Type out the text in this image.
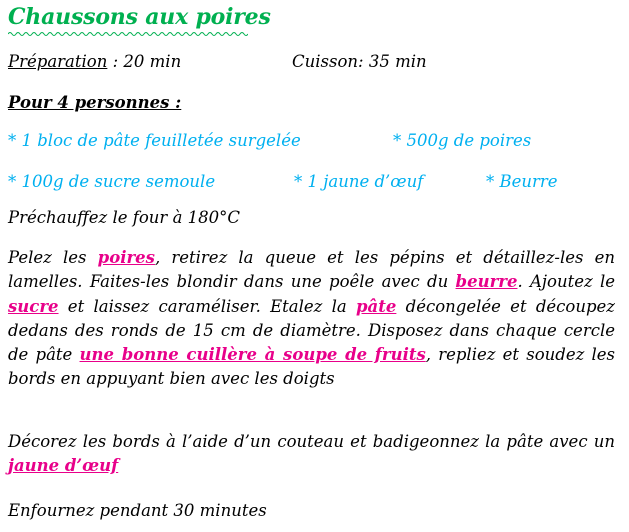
Chaussons aux poires
Préparation : 20 min	Cuisson: 35 min
Pour 4 personnes :
* 1 bloc de pâte feuilletée surgelée	* 500g de poires
* 100g de sucre semoule	* 1 jaune d’œuf	* Beurre
Préchauffez le four à 180°C
Pelez les poires, retirez la queue et les pépins et détaillez-les en lamelles. Faites-les blondir dans une poêle avec du beurre. Ajoutez le sucre et laissez caraméliser. Etalez la pâte décongelée et découpez dedans des ronds de 15 cm de diamètre. Disposez dans chaque cercle de pâte une bonne cuillère à soupe de fruits, repliez et soudez les bords en appuyant bien avec les doigts
Décorez les bords à l’aide d’un couteau et badigeonnez la pâte avec un jaune d’œuf
Enfournez pendant 30 minutes
